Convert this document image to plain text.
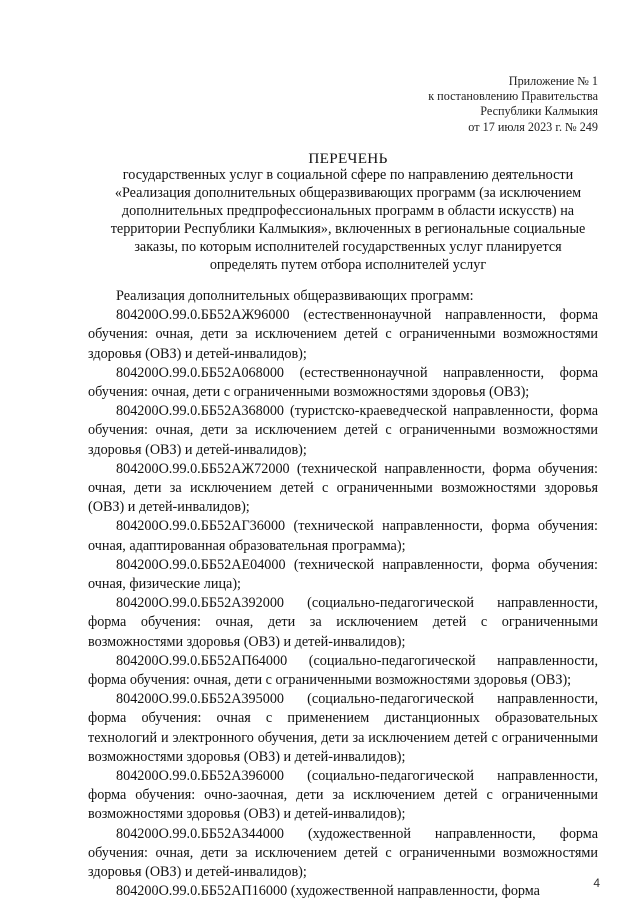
Приложение № 1
к постановлению Правительства
Республики Калмыкия
от 17 июля 2023 г. № 249
ПЕРЕЧЕНЬ
государственных услуг в социальной сфере по направлению деятельности
«Реализация дополнительных общеразвивающих программ (за исключением
дополнительных предпрофессиональных программ в области искусств) на
территории Республики Калмыкия», включенных в региональные социальные
заказы, по которым исполнителей государственных услуг планируется
определять путем отбора исполнителей услуг
Реализация дополнительных общеразвивающих программ:
804200О.99.0.ББ52АЖ96000 (естественнонаучной направленности, форма обучения: очная, дети за исключением детей с ограниченными возможностями здоровья (ОВЗ) и детей-инвалидов);
804200О.99.0.ББ52А068000 (естественнонаучной направленности, форма обучения: очная, дети с ограниченными возможностями здоровья (ОВЗ);
804200О.99.0.ББ52А368000 (туристско-краеведческой направленности, форма обучения: очная, дети за исключением детей с ограниченными возможностями здоровья (ОВЗ) и детей-инвалидов);
804200О.99.0.ББ52АЖ72000 (технической направленности, форма обучения: очная, дети за исключением детей с ограниченными возможностями здоровья (ОВЗ) и детей-инвалидов);
804200О.99.0.ББ52АГ36000 (технической направленности, форма обучения: очная, адаптированная образовательная программа);
804200О.99.0.ББ52АЕ04000 (технической направленности, форма обучения: очная, физические лица);
804200О.99.0.ББ52А392000 (социально-педагогической направленности, форма обучения: очная, дети за исключением детей с ограниченными возможностями здоровья (ОВЗ) и детей-инвалидов);
804200О.99.0.ББ52АП64000 (социально-педагогической направленности, форма обучения: очная, дети с ограниченными возможностями здоровья (ОВЗ);
804200О.99.0.ББ52А395000 (социально-педагогической направленности, форма обучения: очная с применением дистанционных образовательных технологий и электронного обучения, дети за исключением детей с ограниченными возможностями здоровья (ОВЗ) и детей-инвалидов);
804200О.99.0.ББ52А396000 (социально-педагогической направленности, форма обучения: очно-заочная, дети за исключением детей с ограниченными возможностями здоровья (ОВЗ) и детей-инвалидов);
804200О.99.0.ББ52А344000 (художественной направленности, форма обучения: очная, дети за исключением детей с ограниченными возможностями здоровья (ОВЗ) и детей-инвалидов);
804200О.99.0.ББ52АП16000 (художественной направленности, форма
4
